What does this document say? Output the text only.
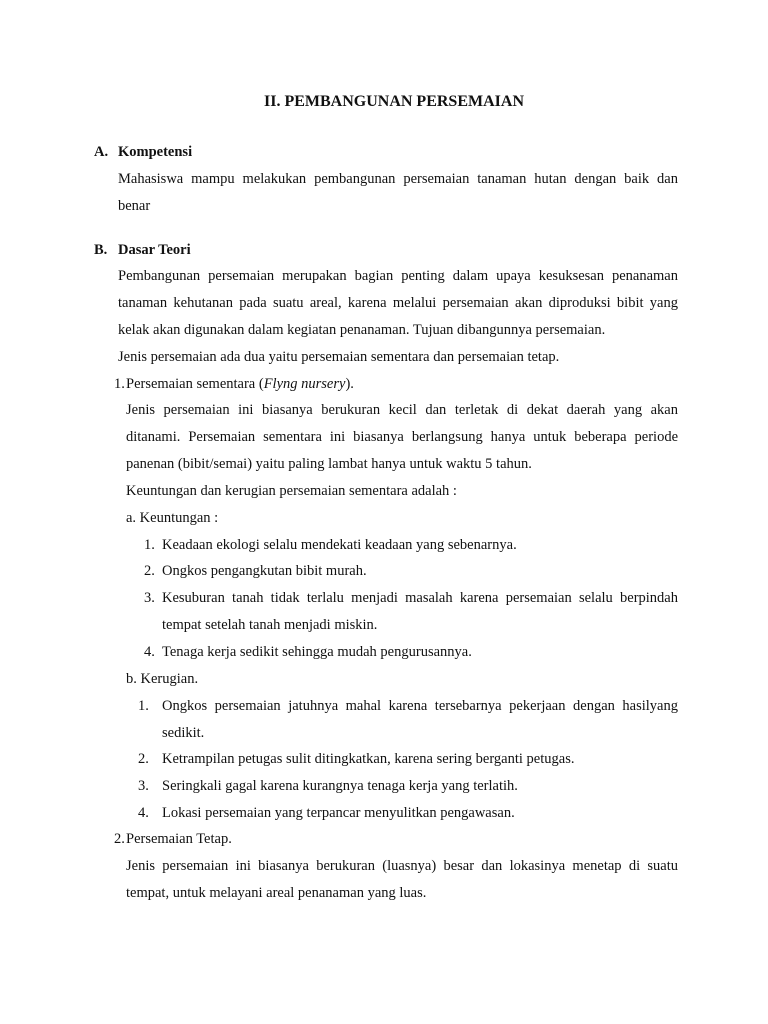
II. PEMBANGUNAN PERSEMAIAN
A. Kompetensi
Mahasiswa mampu melakukan pembangunan persemaian tanaman hutan dengan baik dan
benar
B. Dasar Teori
Pembangunan persemaian merupakan bagian penting dalam upaya kesuksesan penanaman
tanaman kehutanan pada suatu areal, karena melalui persemaian akan diproduksi bibit yang
kelak akan digunakan dalam kegiatan penanaman. Tujuan dibangunnya persemaian.
Jenis persemaian ada dua yaitu persemaian sementara dan persemaian tetap.
1. Persemaian sementara (Flyng nursery).
Jenis persemaian ini biasanya berukuran kecil dan terletak di dekat daerah yang akan
ditanami. Persemaian sementara ini biasanya berlangsung hanya untuk beberapa periode
panenan (bibit/semai) yaitu paling lambat hanya untuk waktu 5 tahun.
Keuntungan dan kerugian persemaian sementara adalah :
a. Keuntungan :
1. Keadaan ekologi selalu mendekati keadaan yang sebenarnya.
2. Ongkos pengangkutan bibit murah.
3. Kesuburan tanah tidak terlalu menjadi masalah karena persemaian selalu berpindah
tempat setelah tanah menjadi miskin.
4. Tenaga kerja sedikit sehingga mudah pengurusannya.
b. Kerugian.
1. Ongkos persemaian jatuhnya mahal karena tersebarnya pekerjaan dengan hasilyang
sedikit.
2. Ketrampilan petugas sulit ditingkatkan, karena sering berganti petugas.
3. Seringkali gagal karena kurangnya tenaga kerja yang terlatih.
4. Lokasi persemaian yang terpancar menyulitkan pengawasan.
2. Persemaian Tetap.
Jenis persemaian ini biasanya berukuran (luasnya) besar dan lokasinya menetap di suatu
tempat, untuk melayani areal penanaman yang luas.
